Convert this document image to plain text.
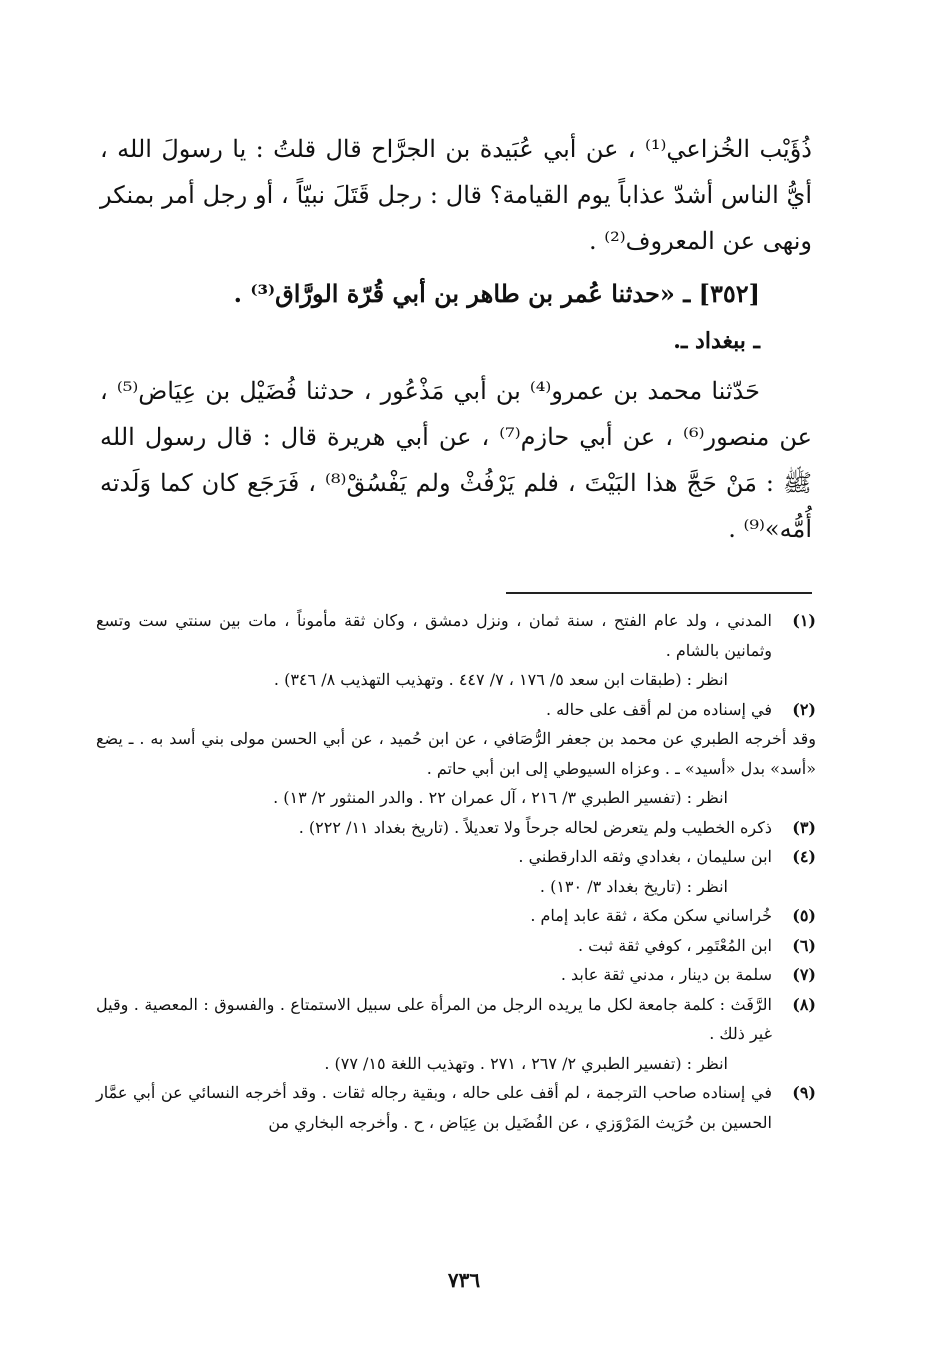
ذُؤَيْب الخُزاعي⁽¹⁾ ، عن أبي عُبَيدة بن الجرَّاح قال قلتُ : يا رسولَ الله ، أيُّ الناس أشدّ عذاباً يوم القيامة؟ قال : رجل قَتَلَ نبيّاً ، أو رجل أمر بمنكر ونهى عن المعروف⁽²⁾ .

[٣٥٢] ـ «حدثنا عُمر بن طاهر بن أبي قُرّة الورَّاق⁽³⁾ .

ـ ببغداد ـ.

حَدّثنا محمد بن عمرو⁽⁴⁾ بن أبي مَذْعُور ، حدثنا فُضَيْل بن عِيَاض⁽⁵⁾ ، عن منصور⁽⁶⁾ ، عن أبي حازم⁽⁷⁾ ، عن أبي هريرة قال : قال رسول الله ﷺ : مَنْ حَجَّ هذا البَيْتَ ، فلم يَرْفُثْ ولم يَفْسُقْ⁽⁸⁾ ، فَرَجَع كان كما وَلَدته أُمُّه»⁽⁹⁾ .

(١)
المدني ، ولد عام الفتح ، سنة ثمان ، ونزل دمشق ، وكان ثقة مأموناً ، مات بين سنتي ست وتسع وثمانين بالشام .
انظر : (طبقات ابن سعد ٥/ ١٧٦ ، ٧/ ٤٤٧ . وتهذيب التهذيب ٨/ ٣٤٦) .
(٢)
في إسناده من لم أقف على حاله .
وقد أخرجه الطبري عن محمد بن جعفر الرُّصَافي ، عن ابن حُميد ، عن أبي الحسن مولى بني أسد به . ـ يضع «أسد» بدل «أسيد» ـ . وعزاه السيوطي إلى ابن أبي حاتم .
انظر : (تفسير الطبري ٣/ ٢١٦ ، آل عمران ٢٢ . والدر المنثور ٢/ ١٣) .
(٣)
ذكره الخطيب ولم يتعرض لحاله جرحاً ولا تعديلاً . (تاريخ بغداد ١١/ ٢٢٢) .
(٤)
ابن سليمان ، بغدادي وثقه الدارقطني .
انظر : (تاريخ بغداد ٣/ ١٣٠) .
(٥)
خُراساني سكن مكة ، ثقة عابد إمام .
(٦)
ابن المُعْتَمِر ، كوفي ثقة ثبت .
(٧)
سلمة بن دينار ، مدني ثقة عابد .
(٨)
الرَّفَث : كلمة جامعة لكل ما يريده الرجل من المرأة على سبيل الاستمتاع . والفسوق : المعصية . وقيل غير ذلك .
انظر : (تفسير الطبري ٢/ ٢٦٧ ، ٢٧١ . وتهذيب اللغة ١٥/ ٧٧) .
(٩)
في إسناده صاحب الترجمة ، لم أقف على حاله ، وبقية رجاله ثقات . وقد أخرجه النسائي عن أبي عمَّار الحسين بن حُرَيث المَرْوَزي ، عن الفُضَيل بن عِيَاض ، ح . وأخرجه البخاري من
٧٣٦
